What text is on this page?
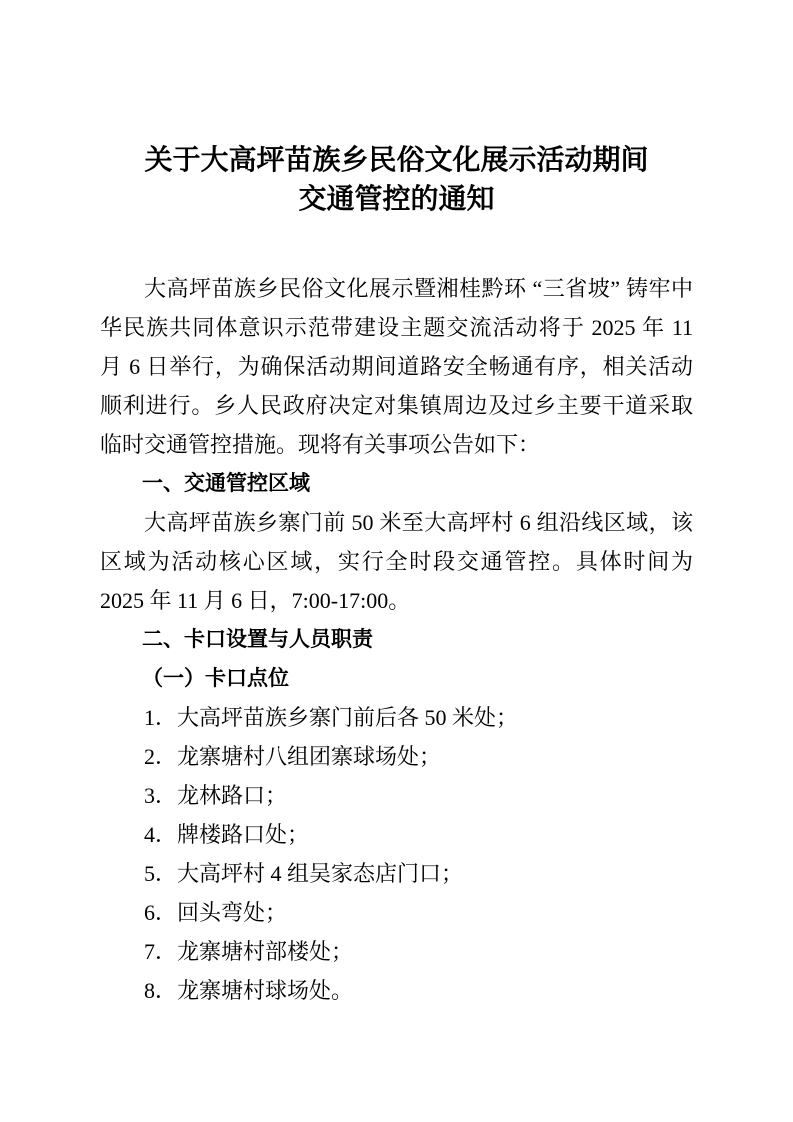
关于大高坪苗族乡民俗文化展示活动期间
交通管控的通知

大高坪苗族乡民俗文化展示暨湘桂黔环 “三省坡” 铸牢中华民族共同体意识示范带建设主题交流活动将于 2025 年 11 月 6 日举行，为确保活动期间道路安全畅通有序，相关活动顺利进行。乡人民政府决定对集镇周边及过乡主要干道采取临时交通管控措施。现将有关事项公告如下：

一、交通管控区域

大高坪苗族乡寨门前 50 米至大高坪村 6 组沿线区域，该区域为活动核心区域，实行全时段交通管控。具体时间为 2025 年 11 月 6 日，7:00-17:00。

二、卡口设置与人员职责
（一）卡口点位
1．大高坪苗族乡寨门前后各 50 米处；
2．龙寨塘村八组团寨球场处；
3．龙林路口；
4．牌楼路口处；
5．大高坪村 4 组吴家态店门口；
6．回头弯处；
7．龙寨塘村部楼处；
8．龙寨塘村球场处。
